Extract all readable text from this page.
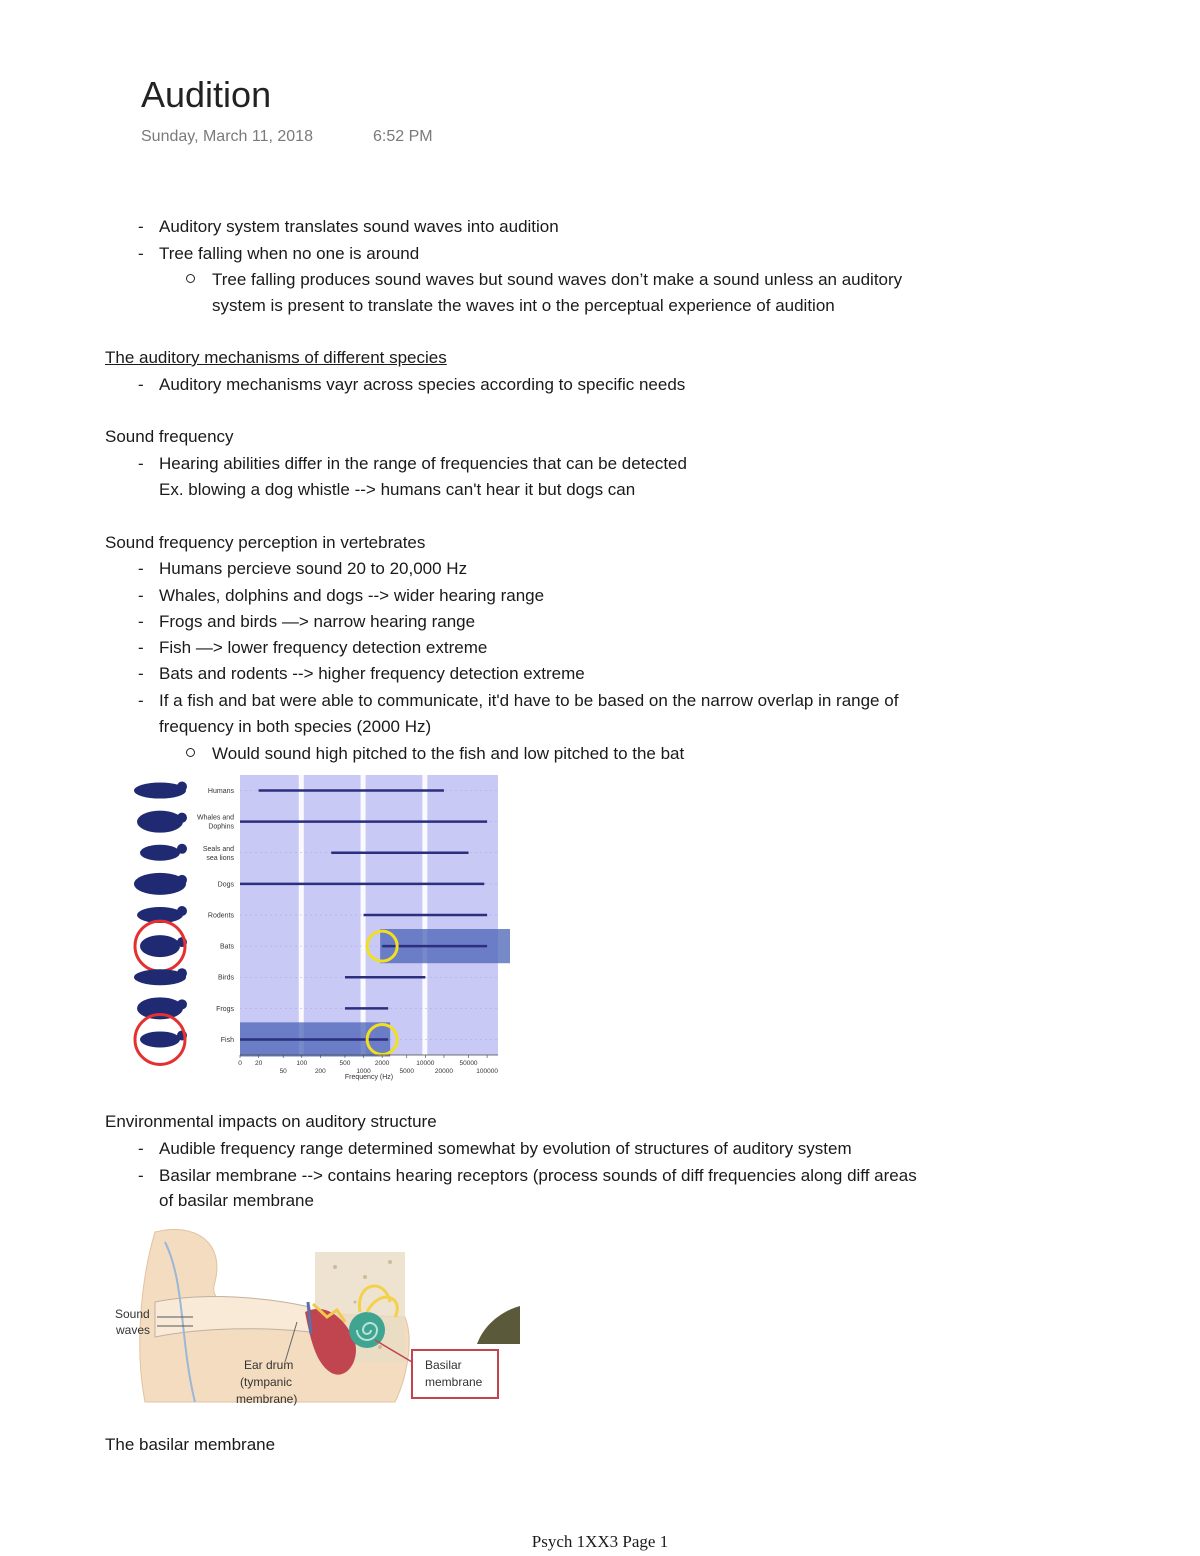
Audition
Sunday, March 11, 2018	6:52 PM
- Auditory system translates sound waves into audition
- Tree falling when no one is around
Tree falling produces sound waves but sound waves don’t make a sound unless an auditory
system is present to translate the waves int o the perceptual experience of audition
The auditory mechanisms of different species
- Auditory mechanisms vayr across species according to specific needs
Sound frequency
- Hearing abilities differ in the range of frequencies that can be detected
Ex. blowing a dog whistle --> humans can't hear it but dogs can
Sound frequency perception in vertebrates
- Humans percieve sound 20 to 20,000 Hz
- Whales, dolphins and dogs --> wider hearing range
- Frogs and birds —> narrow hearing range
- Fish —> lower frequency detection extreme
- Bats and rodents --> higher frequency detection extreme
- If a fish and bat were able to communicate, it'd have to be based on the narrow overlap in range of
frequency in both species (2000 Hz)
Would sound high pitched to the fish and low pitched to the bat
Humans
Whales and
Dophins
Seals and
sea lions
Dogs
Rodents
Bats
Birds
Frogs
Fish
0 20	100	500	2000	10000	50000
50	200	1000	5000	20000	100000
Frequency (Hz)
Environmental impacts on auditory structure
- Audible frequency range determined somewhat by evolution of structures of auditory system
- Basilar membrane --> contains hearing receptors (process sounds of diff frequencies along diff areas
of basilar membrane
Sound
waves
Ear drum
(tympanic
membrane)
Basilar
membrane
The basilar membrane
Psych 1XX3 Page 1
